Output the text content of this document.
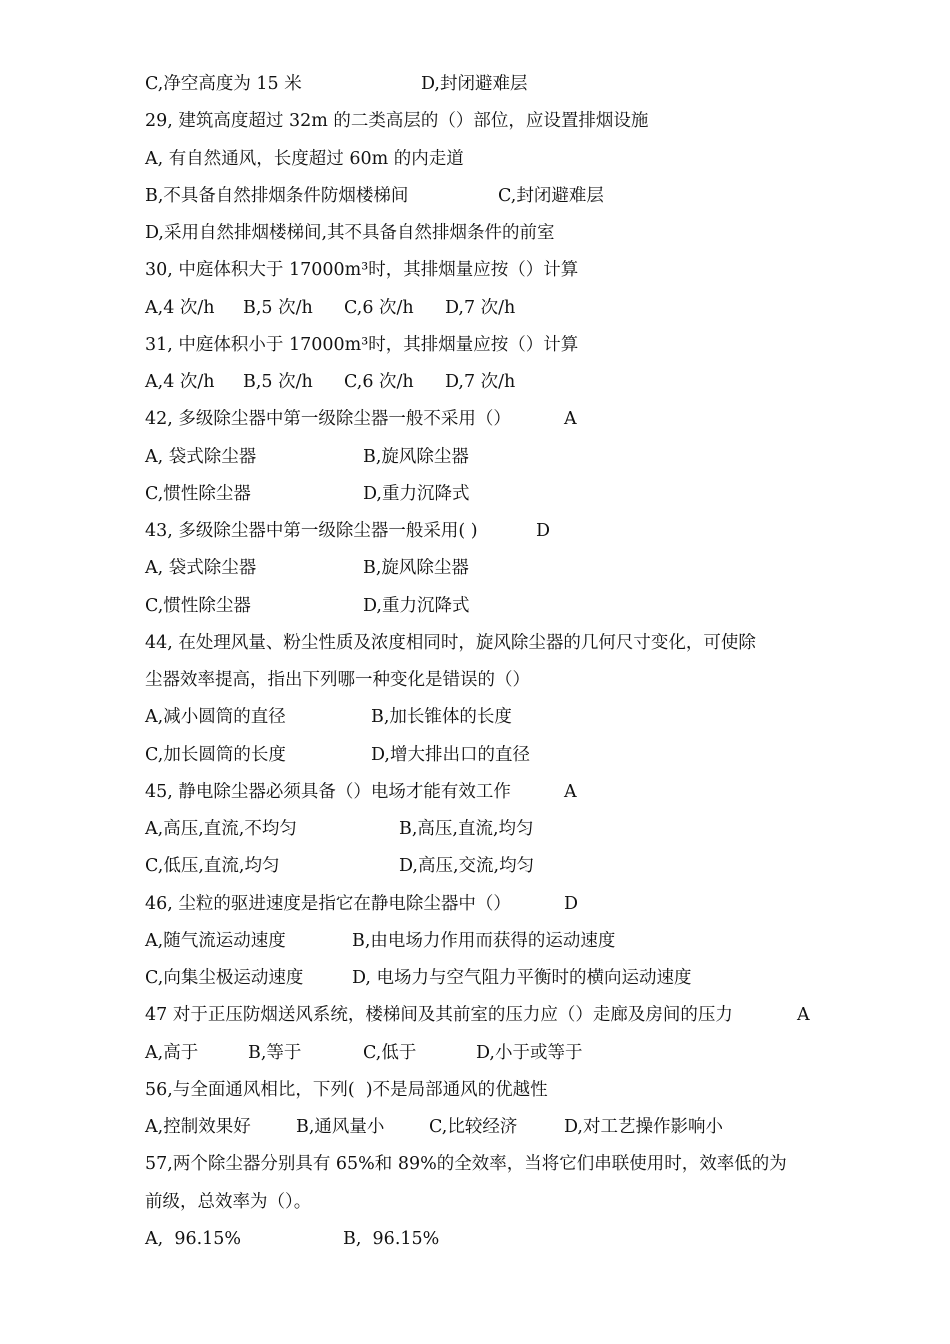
C,净空高度为 15 米	D,封闭避难层
29, 建筑高度超过 32m 的二类高层的（）部位，应设置排烟设施
A, 有自然通风，长度超过 60m 的内走道
B,不具备自然排烟条件防烟楼梯间	C,封闭避难层
D,采用自然排烟楼梯间,其不具备自然排烟条件的前室
30, 中庭体积大于 17000m³时，其排烟量应按（）计算
A,4 次/h B,5 次/h C,6 次/h D,7 次/h
31, 中庭体积小于 17000m³时，其排烟量应按（）计算
A,4 次/h B,5 次/h C,6 次/h D,7 次/h
42, 多级除尘器中第一级除尘器一般不采用（）	A
A, 袋式除尘器	B,旋风除尘器
C,惯性除尘器	D,重力沉降式
43, 多级除尘器中第一级除尘器一般采用( )	D
A, 袋式除尘器	B,旋风除尘器
C,惯性除尘器	D,重力沉降式
44, 在处理风量、粉尘性质及浓度相同时，旋风除尘器的几何尺寸变化，可使除
尘器效率提高，指出下列哪一种变化是错误的（）
A,减小圆筒的直径	B,加长锥体的长度
C,加长圆筒的长度	D,增大排出口的直径
45, 静电除尘器必须具备（）电场才能有效工作	A
A,高压,直流,不均匀	B,高压,直流,均匀
C,低压,直流,均匀	D,高压,交流,均匀
46, 尘粒的驱进速度是指它在静电除尘器中（）	D
A,随气流运动速度	B,由电场力作用而获得的运动速度
C,向集尘极运动速度	D, 电场力与空气阻力平衡时的横向运动速度
47 对于正压防烟送风系统，楼梯间及其前室的压力应（）走廊及房间的压力	A
A,高于	B,等于	C,低于	D,小于或等于
56,与全面通风相比，下列(  )不是局部通风的优越性
A,控制效果好	B,通风量小	C,比较经济	D,对工艺操作影响小
57,两个除尘器分别具有 65%和 89%的全效率，当将它们串联使用时，效率低的为
前级，总效率为（）。
A,  96.15%	B,  96.15%
